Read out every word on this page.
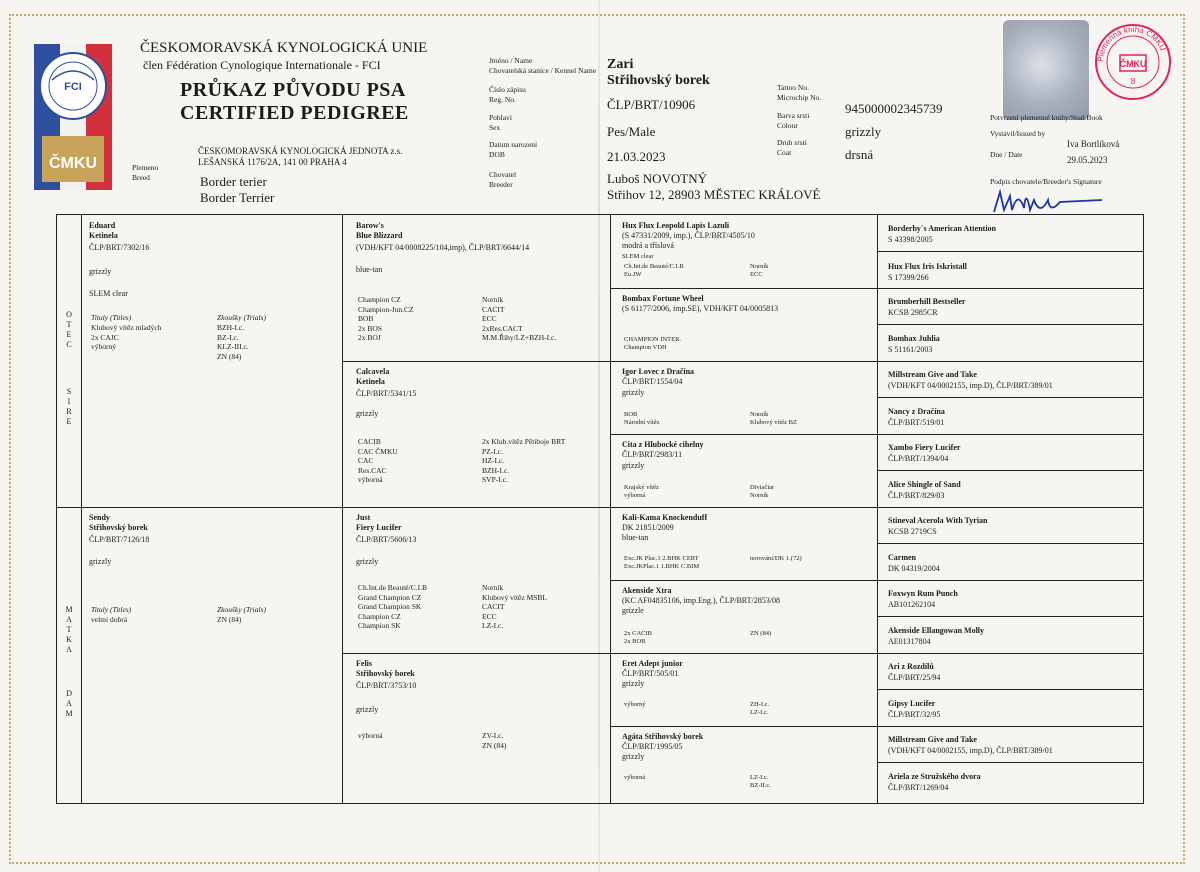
FCI
ČMKU
ČESKOMORAVSKÁ KYNOLOGICKÁ UNIE
člen Fédération Cynologique Internationale - FCI
PRŮKAZ PŮVODU PSA
CERTIFIED PEDIGREE
ČESKOMORAVSKÁ KYNOLOGICKÁ JEDNOTA z.s.
LEŠANSKÁ 1176/2A, 141 00 PRAHA 4
Plemeno
Breed	Border terier
Border Terrier
Jméno / Name
Chovatelská stanice / Kennel Name
Číslo zápisu
Reg. No.
Pohlaví
Sex
Datum narození
DOB
Chovatel
Breeder
Zari
Střihovský borek
ČLP/BRT/10906
Pes/Male
21.03.2023
Luboš NOVOTNÝ
Střihov 12, 28903 MĚSTEC KRÁLOVÉ
Tattoo No.
Microchip No.
945000002345739
Barva srsti
Colour	grizzly
Druh srsti
Coat	drsná
Plemenná kniha ČMKU
ČMKU
8
Potvrzení plemenné knihy/Stud Book
Vystavil/Issued by
Iva Bortlíková
Dne / Date
29.05.2023
Podpis chovatele/Breeder's Signature
O
T
E
C
S
I
R
E
M
A
T
K
A
D
A
M
Eduard
Ketinela
ČLP/BRT/7302/16
grizzly
SLEM clear
Tituly (Titles)
Klubový vítěz mladých
2x CAJC
výborný
Zkoušky (Trials)
BZH-I.c.
BZ-I.c.
KLZ-III.c.
ZN (84)
Sendy
Střihovský borek
ČLP/BRT/7126/18
grizzly
Tituly (Titles)
velmi dobrá
Zkoušky (Trials)
ZN (84)
Barow's
Blue Blizzard
(VDH/KFT 04/0008225/104,imp), ČLP/BRT/6644/14
blue-tan
Champion CZ
Champion-Jun.CZ
BOB
2x BOS
2x BOJ
Norník
CACIT
ECC
2xRes.CACT
M.M.Řihy/LZ+BZH-I.c.
Calcavela
Ketinela
ČLP/BRT/5341/15
grizzly
CACIB
CAC ČMKU
CAC
Res.CAC
výborná
2x Klub.vítěz Pětiboje BRT
PZ-I.c.
HZ-I.c.
BZH-I.c.
SVP-I.c.
Just
Fiery Lucifer
ČLP/BRT/5606/13
grizzly
Ch.Int.de Beauté/C.I.B
Grand Champion CZ
Grand Champion SK
Champion CZ
Champion SK
Norník
Klubový vítěz MSBL
CACIT
ECC
LZ-I.c.
Felis
Střihovský borek
ČLP/BRT/3753/10
grizzly
výborná	ZV-I.c.
ZN (84)
Hux Flux Leopold Lapis Lazuli
(S 47331/2009, imp.), ČLP/BRT/4505/10
modrá a tříslová
SLEM clear
Ch.Int.de Beauté/C.I.B
Eu.JW
Norník
ECC
Bombax Fortune Wheel
(S 61177/2006, imp.SE), VDH/KFT 04/0005813
CHAMPION INTER.
Champion VDH
Igor Lovec z Dračína
ČLP/BRT/1554/04
grizzly
BOB
Národní vítěz
Norník
Klubový vítěz BZ
Cita z Hlubocké cihelny
ČLP/BRT/2983/11
grizzly
Krajský vítěz
výborná
Diviačiar
Norník
Kali-Kama Knockenduff
DK 21851/2009
blue-tan
Exc.JK Plac.1 2.BHK CERT
Exc.JKPlac.1 1.BHK C.BIM
norování/DK 1.(72)
Akenside Xtra
(KC AF04835106, imp.Eng.), ČLP/BRT/2853/08
grizzle
2x CACIB
2x BOB
ZN (84)
Eret Adept junior
ČLP/BRT/505/01
grizzly
výborný	ZH-I.c.
LZ-I.c.
Agáta Střihovský borek
ČLP/BRT/1995/05
grizzly
výborná	LZ-I.c.
BZ-II.c.
Borderby`s American Attention
S 43398/2005
Hux Flux Iris Iskristall
S 17399/266
Brumberhill Bestseller
KCSB 2985CR
Bombax Juhlia
S 51161/2003
Millstream Give and Take
(VDH/KFT 04/0002155, imp.D), ČLP/BRT/389/01
Nancy z Dračína
ČLP/BRT/519/01
Xambo Fiery Lucifer
ČLP/BRT/1394/04
Alice Shingle of Sand
ČLP/BRT/829/03
Stineval Acerola With Tyrian
KCSB 2719CS
Carmen
DK 04319/2004
Foxwyn Rum Punch
AB101262104
Akenside Ellangowan Molly
AE01317804
Ari z Rozdílů
ČLP/BRT/25/94
Gipsy Lucifer
ČLP/BRT/32/95
Millstream Give and Take
(VDH/KFT 04/0002155, imp.D), ČLP/BRT/389/01
Ariela ze Stružského dvora
ČLP/BRT/1269/04
